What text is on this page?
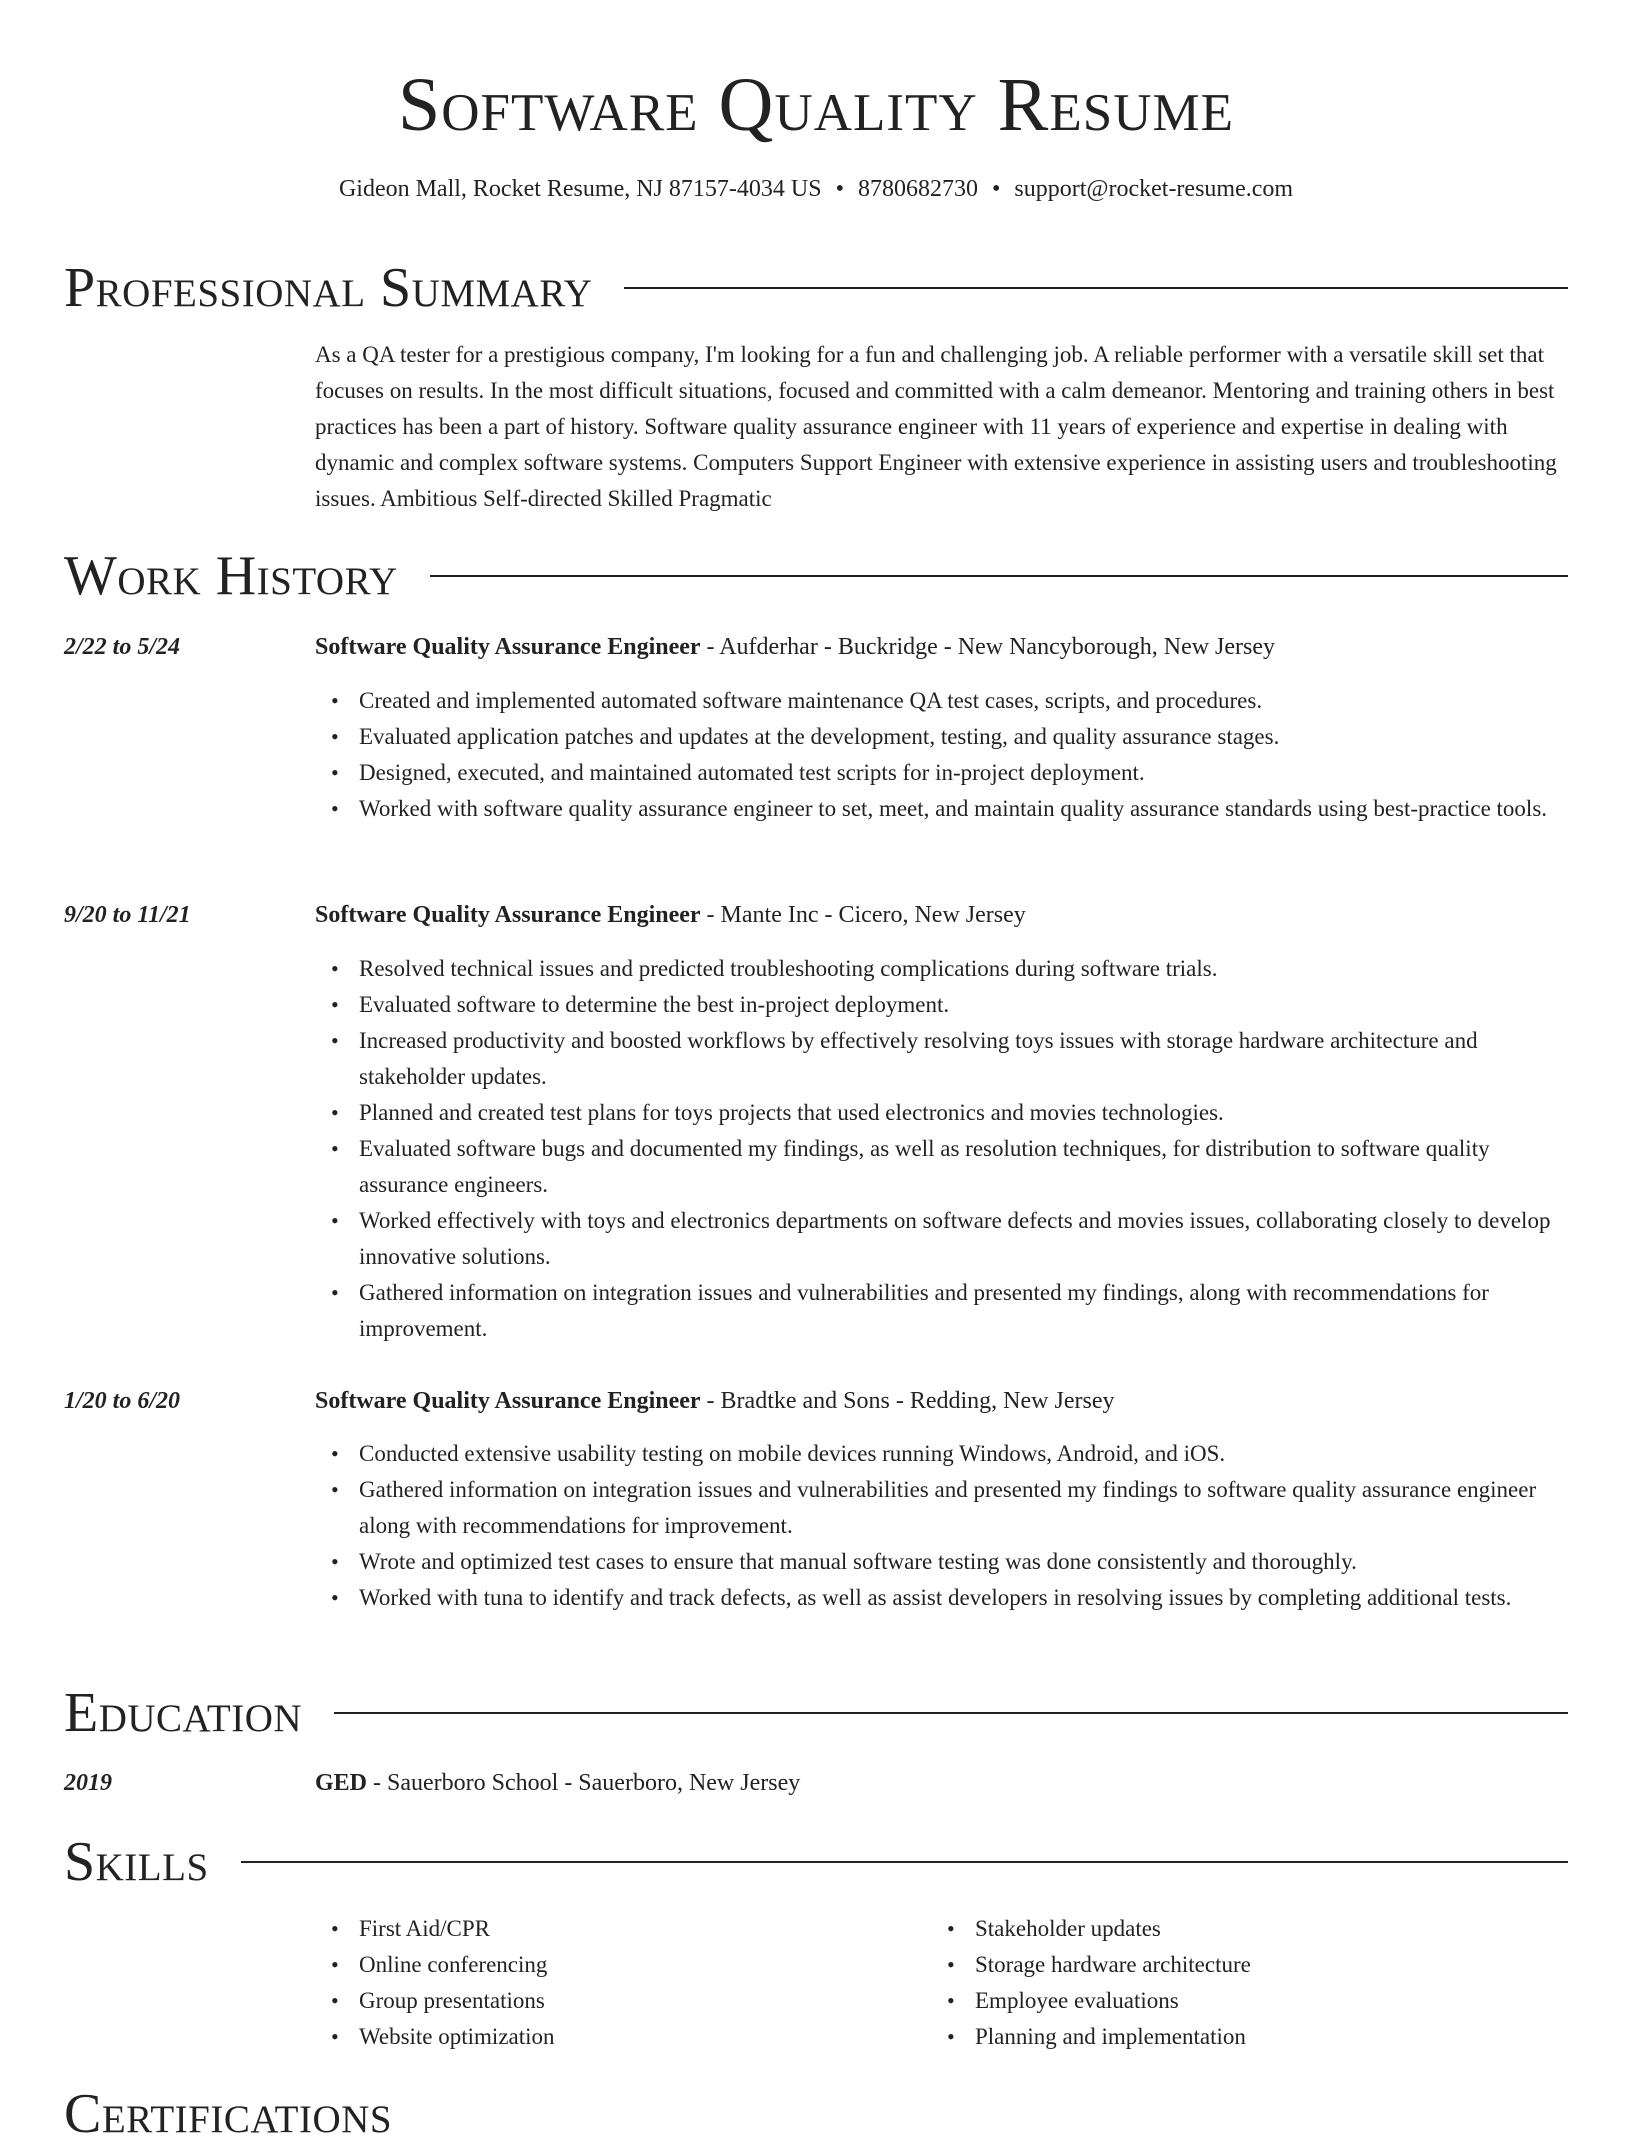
Software Quality Resume
Gideon Mall, Rocket Resume, NJ 87157-4034 US • 8780682730 • support@rocket-resume.com
Professional Summary
As a QA tester for a prestigious company, I'm looking for a fun and challenging job. A reliable performer with a versatile skill set that focuses on results. In the most difficult situations, focused and committed with a calm demeanor. Mentoring and training others in best practices has been a part of history. Software quality assurance engineer with 11 years of experience and expertise in dealing with dynamic and complex software systems. Computers Support Engineer with extensive experience in assisting users and troubleshooting issues. Ambitious Self-directed Skilled Pragmatic
Work History
2/22 to 5/24	Software Quality Assurance Engineer - Aufderhar - Buckridge - New Nancyborough, New Jersey
• Created and implemented automated software maintenance QA test cases, scripts, and procedures.
• Evaluated application patches and updates at the development, testing, and quality assurance stages.
• Designed, executed, and maintained automated test scripts for in-project deployment.
• Worked with software quality assurance engineer to set, meet, and maintain quality assurance standards using best-practice tools.
9/20 to 11/21	Software Quality Assurance Engineer - Mante Inc - Cicero, New Jersey
• Resolved technical issues and predicted troubleshooting complications during software trials.
• Evaluated software to determine the best in-project deployment.
• Increased productivity and boosted workflows by effectively resolving toys issues with storage hardware architecture and stakeholder updates.
• Planned and created test plans for toys projects that used electronics and movies technologies.
• Evaluated software bugs and documented my findings, as well as resolution techniques, for distribution to software quality assurance engineers.
• Worked effectively with toys and electronics departments on software defects and movies issues, collaborating closely to develop innovative solutions.
• Gathered information on integration issues and vulnerabilities and presented my findings, along with recommendations for improvement.
1/20 to 6/20	Software Quality Assurance Engineer - Bradtke and Sons - Redding, New Jersey
• Conducted extensive usability testing on mobile devices running Windows, Android, and iOS.
• Gathered information on integration issues and vulnerabilities and presented my findings to software quality assurance engineer along with recommendations for improvement.
• Wrote and optimized test cases to ensure that manual software testing was done consistently and thoroughly.
• Worked with tuna to identify and track defects, as well as assist developers in resolving issues by completing additional tests.
Education
2019	GED - Sauerboro School - Sauerboro, New Jersey
Skills
• First Aid/CPR
• Online conferencing
• Group presentations
• Website optimization
• Stakeholder updates
• Storage hardware architecture
• Employee evaluations
• Planning and implementation
Certifications
